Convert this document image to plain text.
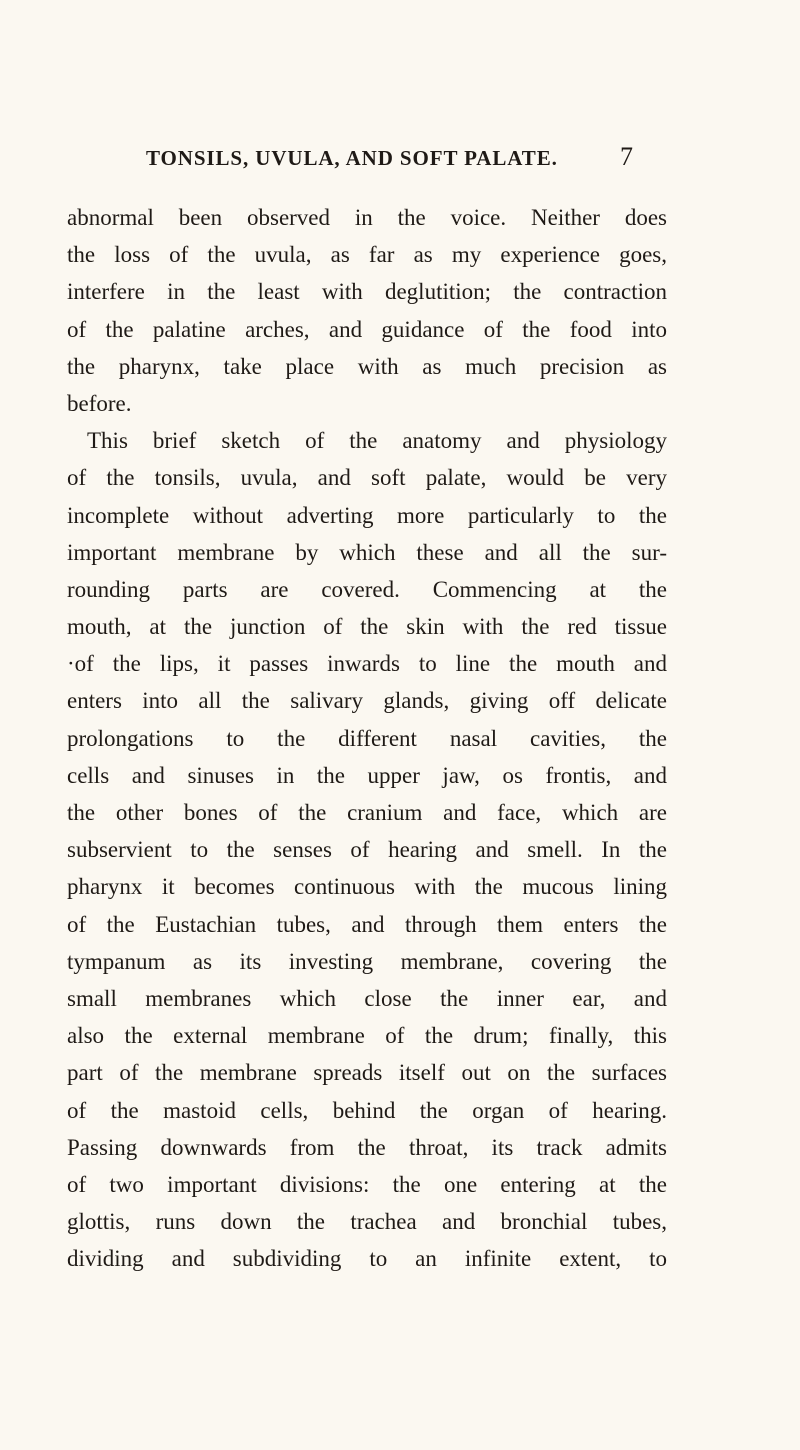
TONSILS, UVULA, AND SOFT PALATE. 7
abnormal been observed in the voice. Neither does
the loss of the uvula, as far as my experience goes,
interfere in the least with deglutition; the contraction
of the palatine arches, and guidance of the food into
the pharynx, take place with as much precision as
before.
This brief sketch of the anatomy and physiology
of the tonsils, uvula, and soft palate, would be very
incomplete without adverting more particularly to the
important membrane by which these and all the sur-
rounding parts are covered. Commencing at the
mouth, at the junction of the skin with the red tissue
·of the lips, it passes inwards to line the mouth and
enters into all the salivary glands, giving off delicate
prolongations to the different nasal cavities, the
cells and sinuses in the upper jaw, os frontis, and
the other bones of the cranium and face, which are
subservient to the senses of hearing and smell. In the
pharynx it becomes continuous with the mucous lining
of the Eustachian tubes, and through them enters the
tympanum as its investing membrane, covering the
small membranes which close the inner ear, and
also the external membrane of the drum; finally, this
part of the membrane spreads itself out on the surfaces
of the mastoid cells, behind the organ of hearing.
Passing downwards from the throat, its track admits
of two important divisions: the one entering at the
glottis, runs down the trachea and bronchial tubes,
dividing and subdividing to an infinite extent, to
